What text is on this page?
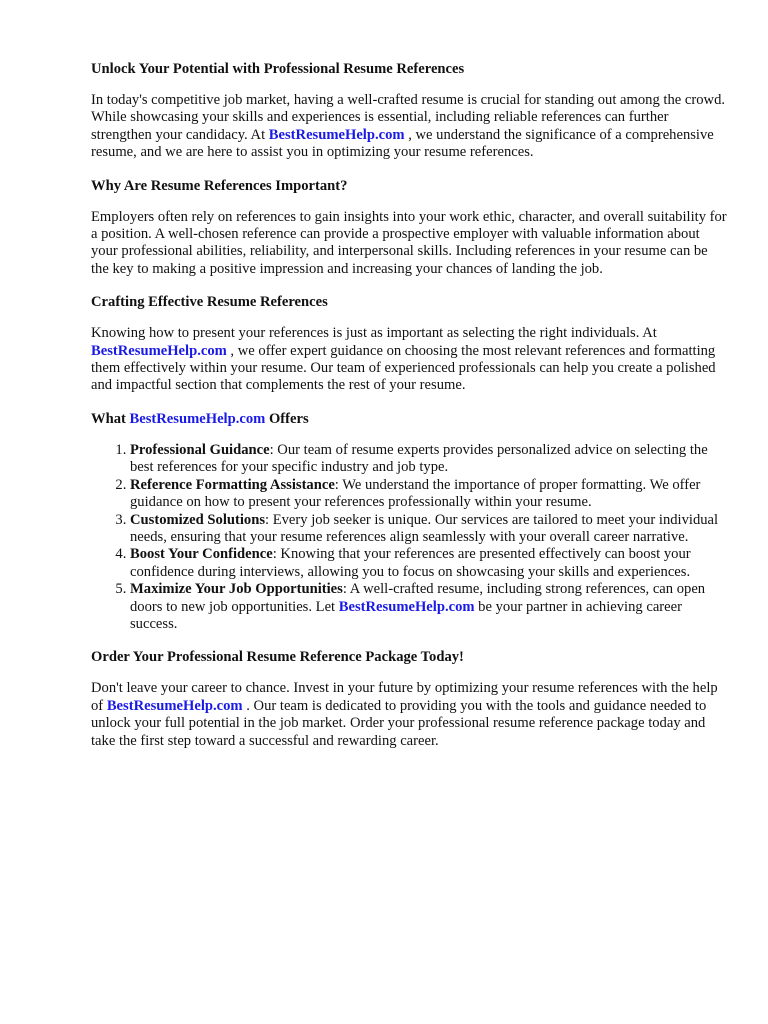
Unlock Your Potential with Professional Resume References

In today's competitive job market, having a well-crafted resume is crucial for standing out among the crowd. While showcasing your skills and experiences is essential, including reliable references can further strengthen your candidacy. At BestResumeHelp.com , we understand the significance of a comprehensive resume, and we are here to assist you in optimizing your resume references.

Why Are Resume References Important?

Employers often rely on references to gain insights into your work ethic, character, and overall suitability for a position. A well-chosen reference can provide a prospective employer with valuable information about your professional abilities, reliability, and interpersonal skills. Including references in your resume can be the key to making a positive impression and increasing your chances of landing the job.

Crafting Effective Resume References

Knowing how to present your references is just as important as selecting the right individuals. At BestResumeHelp.com , we offer expert guidance on choosing the most relevant references and formatting them effectively within your resume. Our team of experienced professionals can help you create a polished and impactful section that complements the rest of your resume.

What BestResumeHelp.com Offers
1. Professional Guidance: Our team of resume experts provides personalized advice on selecting the best references for your specific industry and job type.
2. Reference Formatting Assistance: We understand the importance of proper formatting. We offer guidance on how to present your references professionally within your resume.
3. Customized Solutions: Every job seeker is unique. Our services are tailored to meet your individual needs, ensuring that your resume references align seamlessly with your overall career narrative.
4. Boost Your Confidence: Knowing that your references are presented effectively can boost your confidence during interviews, allowing you to focus on showcasing your skills and experiences.
5. Maximize Your Job Opportunities: A well-crafted resume, including strong references, can open doors to new job opportunities. Let BestResumeHelp.com be your partner in achieving career success.
Order Your Professional Resume Reference Package Today!

Don't leave your career to chance. Invest in your future by optimizing your resume references with the help of BestResumeHelp.com . Our team is dedicated to providing you with the tools and guidance needed to unlock your full potential in the job market. Order your professional resume reference package today and take the first step toward a successful and rewarding career.
